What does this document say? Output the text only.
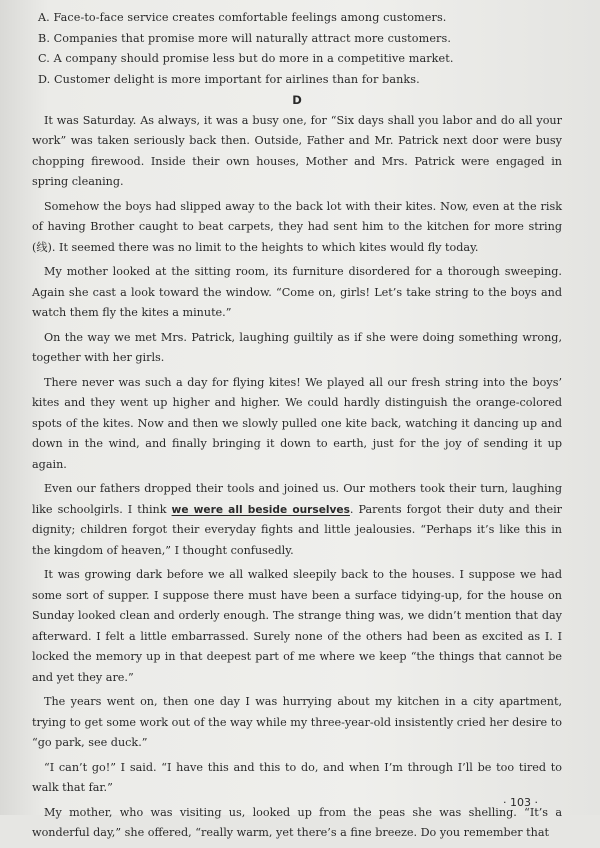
A. Face-to-face service creates comfortable feelings among customers.

B. Companies that promise more will naturally attract more customers.

C. A company should promise less but do more in a competitive market.

D. Customer delight is more important for airlines than for banks.

D

It was Saturday. As always, it was a busy one, for “Six days shall you labor and do all your work” was taken seriously back then. Outside, Father and Mr. Patrick next door were busy chopping firewood. Inside their own houses, Mother and Mrs. Patrick were engaged in spring cleaning.

Somehow the boys had slipped away to the back lot with their kites. Now, even at the risk of having Brother caught to beat carpets, they had sent him to the kitchen for more string (线). It seemed there was no limit to the heights to which kites would fly today.

My mother looked at the sitting room, its furniture disordered for a thorough sweeping. Again she cast a look toward the window. “Come on, girls! Let’s take string to the boys and watch them fly the kites a minute.”

On the way we met Mrs. Patrick, laughing guiltily as if she were doing something wrong, together with her girls.

There never was such a day for flying kites! We played all our fresh string into the boys’ kites and they went up higher and higher. We could hardly distinguish the orange-colored spots of the kites. Now and then we slowly pulled one kite back, watching it dancing up and down in the wind, and finally bringing it down to earth, just for the joy of sending it up again.

Even our fathers dropped their tools and joined us. Our mothers took their turn, laughing like schoolgirls. I think we were all beside ourselves. Parents forgot their duty and their dignity; children forgot their everyday fights and little jealousies. “Perhaps it’s like this in the kingdom of heaven,” I thought confusedly.

It was growing dark before we all walked sleepily back to the houses. I suppose we had some sort of supper. I suppose there must have been a surface tidying-up, for the house on Sunday looked clean and orderly enough. The strange thing was, we didn’t mention that day afterward. I felt a little embarrassed. Surely none of the others had been as excited as I. I locked the memory up in that deepest part of me where we keep “the things that cannot be and yet they are.”

The years went on, then one day I was hurrying about my kitchen in a city apartment, trying to get some work out of the way while my three-year-old insistently cried her desire to “go park, see duck.”

“I can’t go!” I said. “I have this and this to do, and when I’m through I’ll be too tired to walk that far.”

My mother, who was visiting us, looked up from the peas she was shelling. “It’s a wonderful day,” she offered, “really warm, yet there’s a fine breeze. Do you remember that

· 103 ·
